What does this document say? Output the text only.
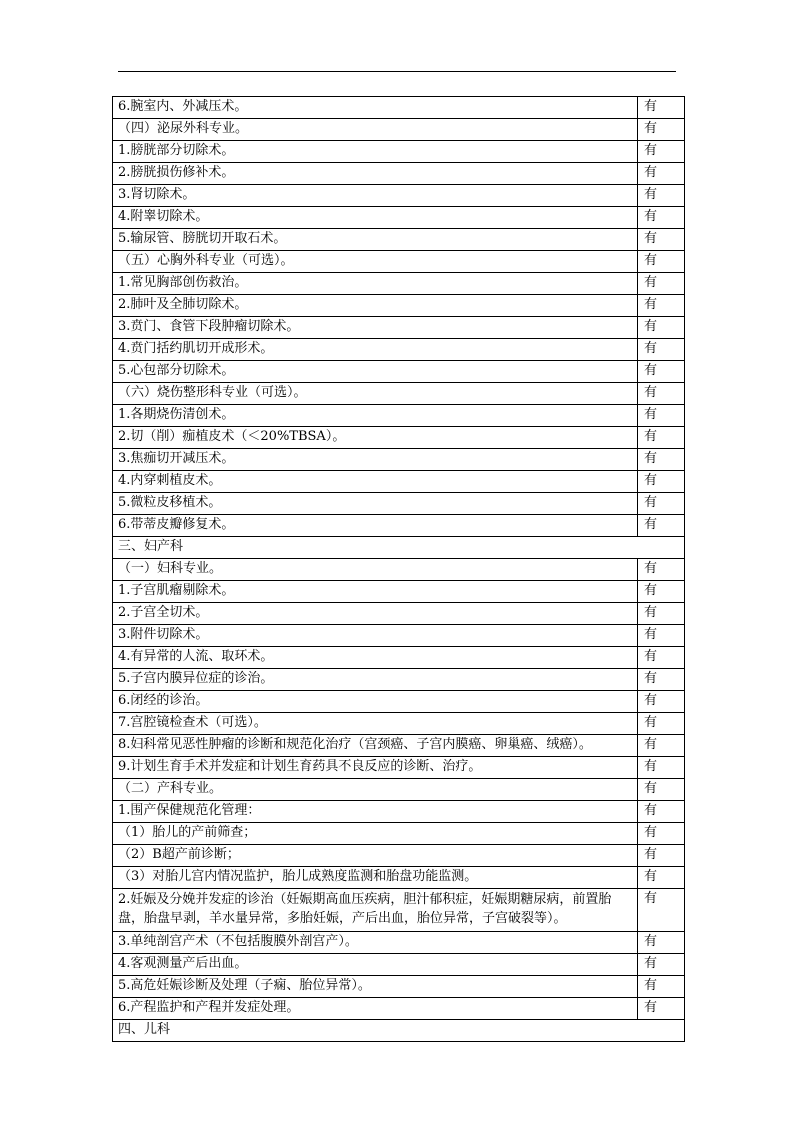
6.腕室内、外减压术。	有
（四）泌尿外科专业。	有
1.膀胱部分切除术。	有
2.膀胱损伤修补术。	有
3.肾切除术。	有
4.附睾切除术。	有
5.输尿管、膀胱切开取石术。	有
（五）心胸外科专业（可选）。	有
1.常见胸部创伤救治。	有
2.肺叶及全肺切除术。	有
3.贲门、食管下段肿瘤切除术。	有
4.贲门括约肌切开成形术。	有
5.心包部分切除术。	有
（六）烧伤整形科专业（可选）。	有
1.各期烧伤清创术。	有
2.切（削）痂植皮术（＜20%TBSA）。	有
3.焦痂切开减压术。	有
4.内穿刺植皮术。	有
5.微粒皮移植术。	有
6.带蒂皮瓣修复术。	有
三、妇产科	
（一）妇科专业。	有
1.子宫肌瘤剔除术。	有
2.子宫全切术。	有
3.附件切除术。	有
4.有异常的人流、取环术。	有
5.子宫内膜异位症的诊治。	有
6.闭经的诊治。	有
7.宫腔镜检查术（可选）。	有
8.妇科常见恶性肿瘤的诊断和规范化治疗（宫颈癌、子宫内膜癌、卵巢癌、绒癌）。	有
9.计划生育手术并发症和计划生育药具不良反应的诊断、治疗。	有
（二）产科专业。	有
1.围产保健规范化管理：	有
（1）胎儿的产前筛查；	有
（2）B超产前诊断；	有
（3）对胎儿宫内情况监护，胎儿成熟度监测和胎盘功能监测。	有
2.妊娠及分娩并发症的诊治（妊娠期高血压疾病，胆汁郁积症，妊娠期糖尿病，前置胎盘，胎盘早剥，羊水量异常，多胎妊娠，产后出血，胎位异常，子宫破裂等）。	有
3.单纯剖宫产术（不包括腹膜外剖宫产）。	有
4.客观测量产后出血。	有
5.高危妊娠诊断及处理（子痫、胎位异常）。	有
6.产程监护和产程并发症处理。	有
四、儿科	
